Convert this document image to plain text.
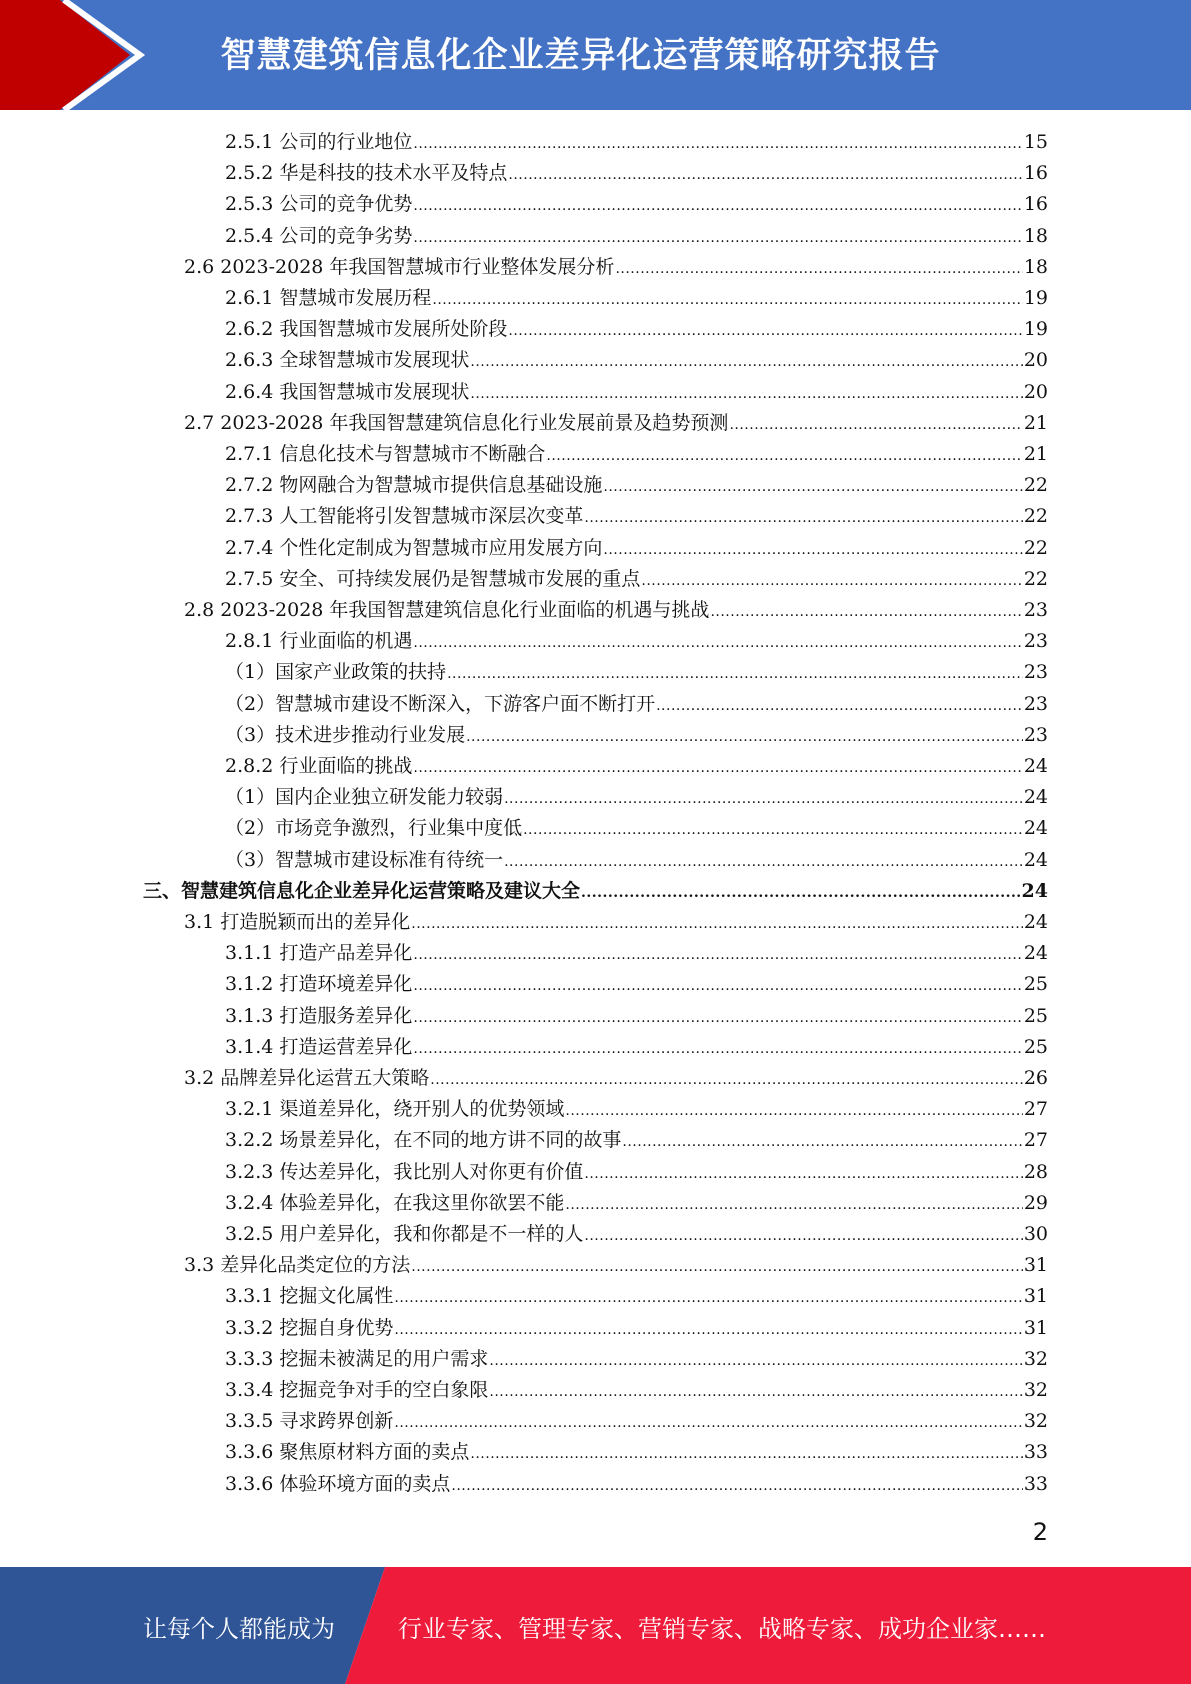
智慧建筑信息化企业差异化运营策略研究报告
2.5.1 公司的行业地位 .....	15
2.5.2 华是科技的技术水平及特点 .....	16
2.5.3 公司的竞争优势 .....	16
2.5.4 公司的竞争劣势 .....	18
2.6 2023-2028 年我国智慧城市行业整体发展分析 .....	18
2.6.1 智慧城市发展历程 .....	19
2.6.2 我国智慧城市发展所处阶段 .....	19
2.6.3 全球智慧城市发展现状 .....	20
2.6.4 我国智慧城市发展现状 .....	20
2.7 2023-2028 年我国智慧建筑信息化行业发展前景及趋势预测 .....	21
2.7.1 信息化技术与智慧城市不断融合 .....	21
2.7.2 物网融合为智慧城市提供信息基础设施 .....	22
2.7.3 人工智能将引发智慧城市深层次变革 .....	22
2.7.4 个性化定制成为智慧城市应用发展方向 .....	22
2.7.5 安全、可持续发展仍是智慧城市发展的重点 .....	22
2.8 2023-2028 年我国智慧建筑信息化行业面临的机遇与挑战 .....	23
2.8.1 行业面临的机遇 .....	23
（1）国家产业政策的扶持 .....	23
（2）智慧城市建设不断深入，下游客户面不断打开 .....	23
（3）技术进步推动行业发展 .....	23
2.8.2 行业面临的挑战 .....	24
（1）国内企业独立研发能力较弱 .....	24
（2）市场竞争激烈，行业集中度低 .....	24
（3）智慧城市建设标准有待统一 .....	24
三、智慧建筑信息化企业差异化运营策略及建议大全 .....	24
3.1 打造脱颖而出的差异化 .....	24
3.1.1 打造产品差异化 .....	24
3.1.2 打造环境差异化 .....	25
3.1.3 打造服务差异化 .....	25
3.1.4 打造运营差异化 .....	25
3.2 品牌差异化运营五大策略 .....	26
3.2.1 渠道差异化，绕开别人的优势领域 .....	27
3.2.2 场景差异化，在不同的地方讲不同的故事 .....	27
3.2.3 传达差异化，我比别人对你更有价值 .....	28
3.2.4 体验差异化，在我这里你欲罢不能 .....	29
3.2.5 用户差异化，我和你都是不一样的人 .....	30
3.3 差异化品类定位的方法 .....	31
3.3.1 挖掘文化属性 .....	31
3.3.2 挖掘自身优势 .....	31
3.3.3 挖掘未被满足的用户需求 .....	32
3.3.4 挖掘竞争对手的空白象限 .....	32
3.3.5 寻求跨界创新 .....	32
3.3.6 聚焦原材料方面的卖点 .....	33
3.3.6 体验环境方面的卖点 .....	33
2
让每个人都能成为	行业专家、管理专家、营销专家、战略专家、成功企业家……
